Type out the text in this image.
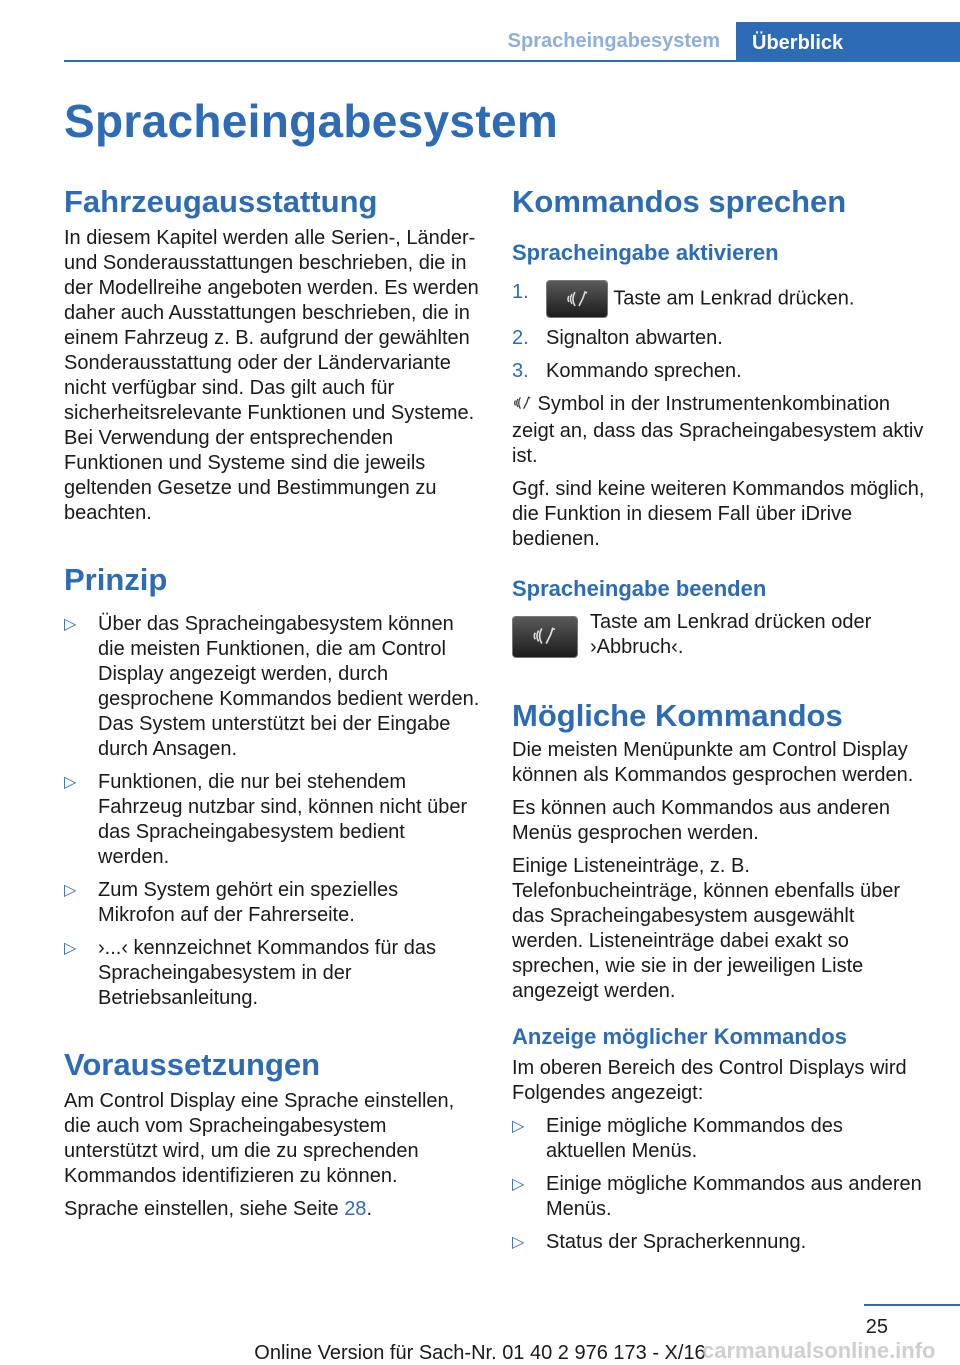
Spracheingabesystem	Überblick
Spracheingabesystem
Fahrzeugausstattung

In diesem Kapitel werden alle Serien-, Länder- und Sonderausstattungen beschrieben, die in der Modellreihe angeboten werden. Es werden daher auch Ausstattungen beschrieben, die in einem Fahrzeug z. B. aufgrund der gewählten Sonderausstattung oder der Ländervariante nicht verfügbar sind. Das gilt auch für sicherheitsrelevante Funktionen und Systeme. Bei Verwendung der entsprechenden Funktionen und Systeme sind die jeweils geltenden Gesetze und Bestimmungen zu beachten.

Prinzip
▷ Über das Spracheingabesystem können die meisten Funktionen, die am Control Display angezeigt werden, durch gesprochene Kommandos bedient werden. Das System unterstützt bei der Eingabe durch Ansagen.
▷ Funktionen, die nur bei stehendem Fahrzeug nutzbar sind, können nicht über das Spracheingabesystem bedient werden.
▷ Zum System gehört ein spezielles Mikrofon auf der Fahrerseite.
▷ ›...‹ kennzeichnet Kommandos für das Spracheingabesystem in der Betriebsanleitung.
Voraussetzungen

Am Control Display eine Sprache einstellen, die auch vom Spracheingabesystem unterstützt wird, um die zu sprechenden Kommandos identifizieren zu können.

Sprache einstellen, siehe Seite 28.

Kommandos sprechen
Spracheingabe aktivieren
1.	Taste am Lenkrad drücken.
2. Signalton abwarten.
3. Kommando sprechen.

Symbol in der Instrumentenkombination zeigt an, dass das Spracheingabesystem aktiv ist.

Ggf. sind keine weiteren Kommandos möglich, die Funktion in diesem Fall über iDrive bedienen.

Spracheingabe beenden

Taste am Lenkrad drücken oder ›Abbruch‹.

Mögliche Kommandos

Die meisten Menüpunkte am Control Display können als Kommandos gesprochen werden.

Es können auch Kommandos aus anderen Menüs gesprochen werden.

Einige Listeneinträge, z. B. Telefonbucheinträge, können ebenfalls über das Spracheingabesystem ausgewählt werden. Listeneinträge dabei exakt so sprechen, wie sie in der jeweiligen Liste angezeigt werden.

Anzeige möglicher Kommandos

Im oberen Bereich des Control Displays wird Folgendes angezeigt:

▷ Einige mögliche Kommandos des aktuellen Menüs.
▷ Einige mögliche Kommandos aus anderen Menüs.
▷ Status der Spracherkennung.
25
Online Version für Sach-Nr. 01 40 2 976 173 - X/16
carmanualsonline.info
